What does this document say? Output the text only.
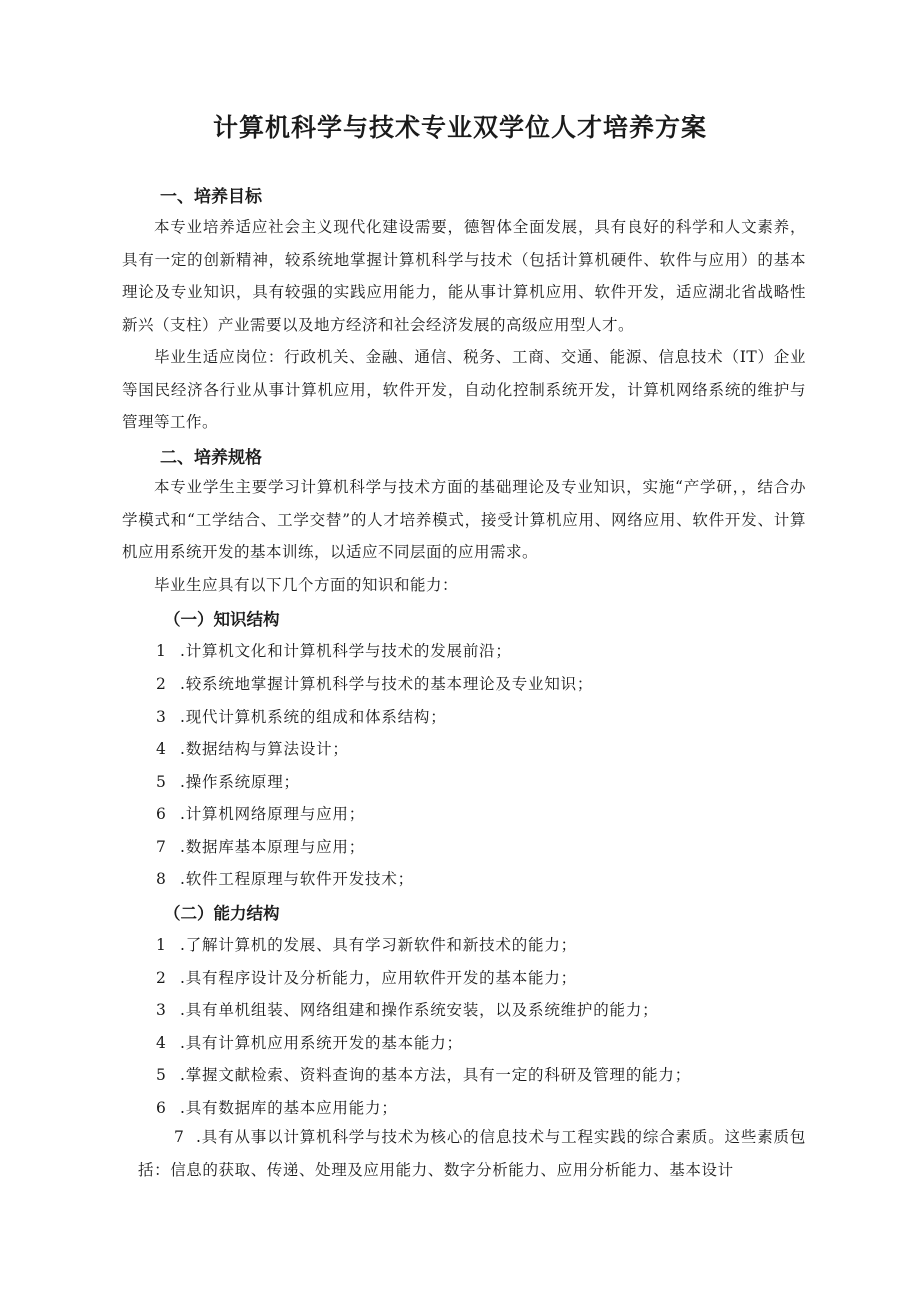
计算机科学与技术专业双学位人才培养方案
一、培养目标
本专业培养适应社会主义现代化建设需要，德智体全面发展，具有良好的科学和人文素养，具有一定的创新精神，较系统地掌握计算机科学与技术（包括计算机硬件、软件与应用）的基本理论及专业知识，具有较强的实践应用能力，能从事计算机应用、软件开发，适应湖北省战略性新兴（支柱）产业需要以及地方经济和社会经济发展的高级应用型人才。
毕业生适应岗位：行政机关、金融、通信、税务、工商、交通、能源、信息技术（IT）企业等国民经济各行业从事计算机应用，软件开发，自动化控制系统开发，计算机网络系统的维护与管理等工作。
二、培养规格
本专业学生主要学习计算机科学与技术方面的基础理论及专业知识，实施“产学研，，结合办学模式和“工学结合、工学交替”的人才培养模式，接受计算机应用、网络应用、软件开发、计算机应用系统开发的基本训练，以适应不同层面的应用需求。
毕业生应具有以下几个方面的知识和能力：
（一）知识结构
1 .计算机文化和计算机科学与技术的发展前沿；
2 .较系统地掌握计算机科学与技术的基本理论及专业知识；
3 .现代计算机系统的组成和体系结构；
4 .数据结构与算法设计；
5 .操作系统原理；
6 .计算机网络原理与应用；
7 .数据库基本原理与应用；
8 .软件工程原理与软件开发技术；
（二）能力结构
1 .了解计算机的发展、具有学习新软件和新技术的能力；
2 .具有程序设计及分析能力，应用软件开发的基本能力；
3 .具有单机组装、网络组建和操作系统安装，以及系统维护的能力；
4 .具有计算机应用系统开发的基本能力；
5 .掌握文献检索、资料查询的基本方法，具有一定的科研及管理的能力；
6 .具有数据库的基本应用能力；
7 .具有从事以计算机科学与技术为核心的信息技术与工程实践的综合素质。这些素质包括：信息的获取、传递、处理及应用能力、数字分析能力、应用分析能力、基本设计
